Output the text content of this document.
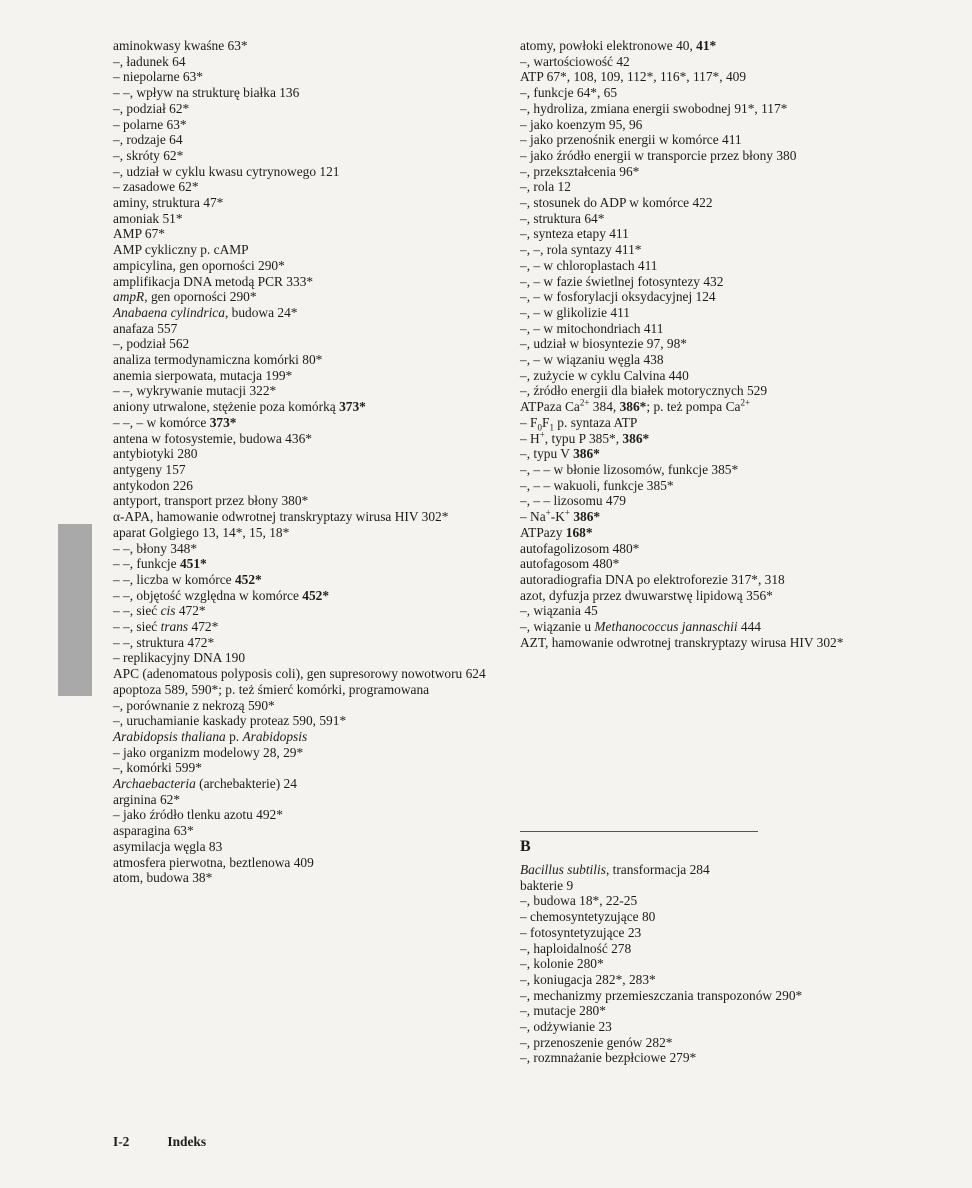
aminokwasy kwaśne 63*
–, ładunek 64
– niepolarne 63*
– –, wpływ na strukturę białka 136
–, podział 62*
– polarne 63*
–, rodzaje 64
–, skróty 62*
–, udział w cyklu kwasu cytrynowego 121
– zasadowe 62*
aminy, struktura 47*
amoniak 51*
AMP 67*
AMP cykliczny p. cAMP
ampicylina, gen oporności 290*
amplifikacja DNA metodą PCR 333*
ampR, gen oporności 290*
Anabaena cylindrica, budowa 24*
anafaza 557
–, podział 562
analiza termodynamiczna komórki 80*
anemia sierpowata, mutacja 199*
– –, wykrywanie mutacji 322*
aniony utrwalone, stężenie poza komórką 373*
– –, – w komórce 373*
antena w fotosystemie, budowa 436*
antybiotyki 280
antygeny 157
antykodon 226
antyport, transport przez błony 380*
α-APA, hamowanie odwrotnej transkryptazy wirusa HIV 302*
aparat Golgiego 13, 14*, 15, 18*
– –, błony 348*
– –, funkcje 451*
– –, liczba w komórce 452*
– –, objętość względna w komórce 452*
– –, sieć cis 472*
– –, sieć trans 472*
– –, struktura 472*
– replikacyjny DNA 190
APC (adenomatous polyposis coli), gen supresorowy nowotworu 624
apoptoza 589, 590*; p. też śmierć komórki, programowana
–, porównanie z nekrozą 590*
–, uruchamianie kaskady proteaz 590, 591*
Arabidopsis thaliana p. Arabidopsis
– jako organizm modelowy 28, 29*
–, komórki 599*
Archaebacteria (archebakterie) 24
arginina 62*
– jako źródło tlenku azotu 492*
asparagina 63*
asymilacja węgla 83
atmosfera pierwotna, beztlenowa 409
atom, budowa 38*
atomy, powłoki elektronowe 40, 41*
–, wartościowość 42
ATP 67*, 108, 109, 112*, 116*, 117*, 409
–, funkcje 64*, 65
–, hydroliza, zmiana energii swobodnej 91*, 117*
– jako koenzym 95, 96
– jako przenośnik energii w komórce 411
– jako źródło energii w transporcie przez błony 380
–, przekształcenia 96*
–, rola 12
–, stosunek do ADP w komórce 422
–, struktura 64*
–, synteza etapy 411
–, –, rola syntazy 411*
–, – w chloroplastach 411
–, – w fazie świetlnej fotosyntezy 432
–, – w fosforylacji oksydacyjnej 124
–, – w glikolizie 411
–, – w mitochondriach 411
–, udział w biosyntezie 97, 98*
–, – w wiązaniu węgla 438
–, zużycie w cyklu Calvina 440
–, źródło energii dla białek motorycznych 529
ATPaza $Ca^{2+}$ 384, 386*; p. też pompa $Ca^{2+}$
– $F_0F_1$ p. syntaza ATP
– H+, typu P 385*, 386*
–, typu V 386*
–, – – w błonie lizosomów, funkcje 385*
–, – – wakuoli, funkcje 385*
–, – – lizosomu 479
– Na+-K+ 386*
ATPazy 168*
autofagolizosom 480*
autofagosom 480*
autoradiografia DNA po elektroforezie 317*, 318
azot, dyfuzja przez dwuwarstwę lipidową 356*
–, wiązania 45
–, wiązanie u Methanococcus jannaschii 444
AZT, hamowanie odwrotnej transkryptazy wirusa HIV 302*
B
Bacillus subtilis, transformacja 284
bakterie 9
–, budowa 18*, 22-25
– chemosyntetyzujące 80
– fotosyntetyzujące 23
–, haploidalność 278
–, kolonie 280*
–, koniugacja 282*, 283*
–, mechanizmy przemieszczania transpozonów 290*
–, mutacje 280*
–, odżywianie 23
–, przenoszenie genów 282*
–, rozmnażanie bezpłciowe 279*
I-2	Indeks
